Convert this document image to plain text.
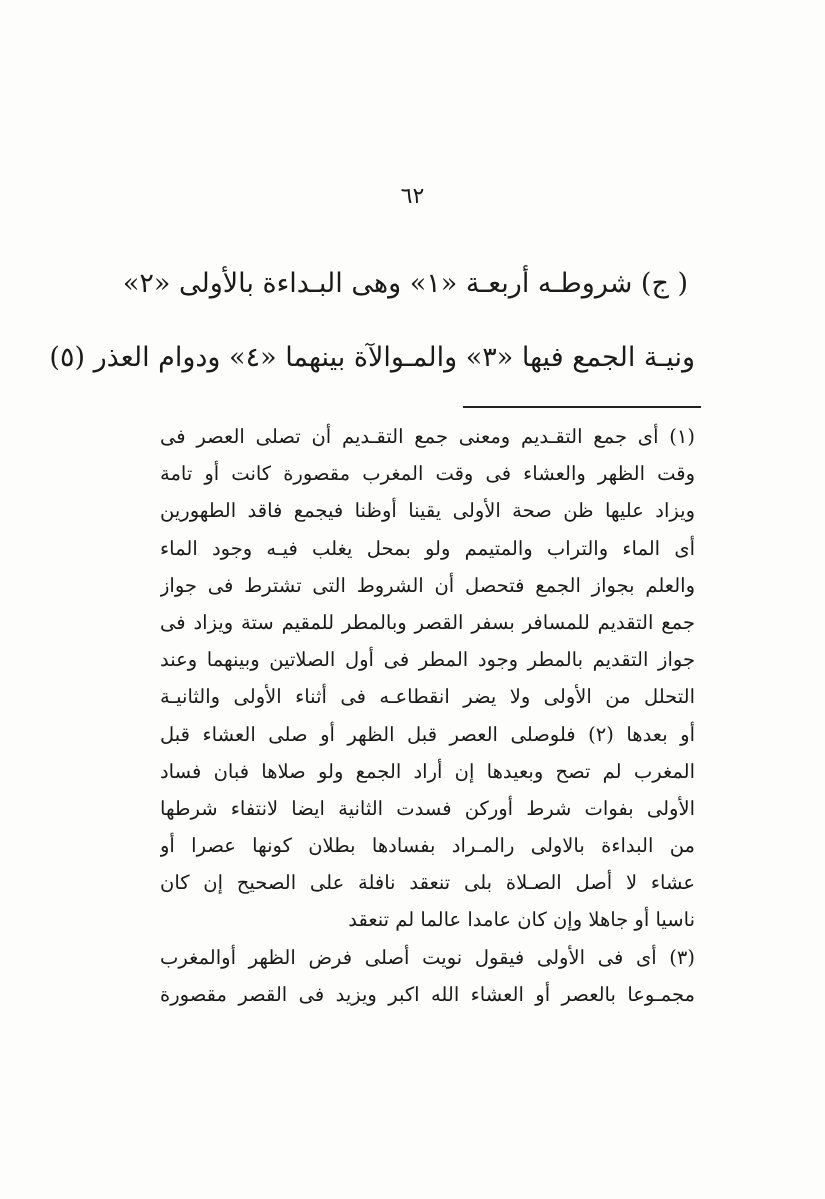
٦٢
( ج) شروطـه أربعـة «١» وهى البـداءة بالأولى «٢»
ونيـة الجمع فيها «٣» والمـوالآة بينهما «٤» ودوام العذر (٥)
(١) أى جمع التقـديم ومعنى جمع التقـديم أن تصلى العصر فى
وقت الظهر والعشاء فى وقت المغرب مقصورة كانت أو تامة
ويزاد عليها ظن صحة الأولى يقينا أوظنا فيجمع فاقد الطهورين
أى الماء والتراب والمتيمم ولو بمحل يغلب فيـه وجود الماء
والعلم بجواز الجمع فتحصل أن الشروط التى تشترط فى جواز
جمع التقديم للمسافر بسفر القصر وبالمطر للمقيم ستة ويزاد فى
جواز التقديم بالمطر وجود المطر فى أول الصلاتين وبينهما وعند
التحلل من الأولى ولا يضر انقطاعـه فى أثناء الأولى والثانيـة
أو بعدها (٢) فلوصلى العصر قبل الظهر أو صلى العشاء قبل
المغرب لم تصح وبعيدها إن أراد الجمع ولو صلاها فبان فساد
الأولى بفوات شرط أوركن فسدت الثانية ايضا لانتفاء شرطها
من البداءة بالاولى رالمـراد بفسادها بطلان كونها عصرا أو
عشاء لا أصل الصـلاة بلى تنعقد نافلة على الصحيح إن كان
ناسيا أو جاهلا وإن كان عامدا عالما لم تنعقد
(٣) أى فى الأولى فيقول نويت أصلى فرض الظهر أوالمغرب
مجمـوعا بالعصر أو العشاء الله اكبر ويزيد فى القصر مقصورة
